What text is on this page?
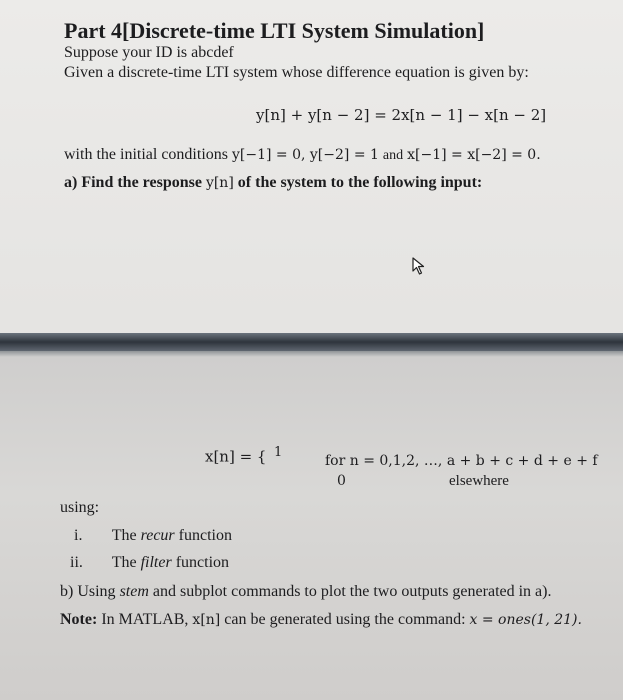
Part 4[Discrete-time LTI System Simulation]
Suppose your ID is abcdef
Given a discrete-time LTI system whose difference equation is given by:
y[n] + y[n − 2] = 2x[n − 1] − x[n − 2]
with the initial conditions y[−1] = 0, y[−2] = 1 and x[−1] = x[−2] = 0.
a) Find the response y[n] of the system to the following input:
x[n] = { 1
0
for n = 0,1,2, …, a + b + c + d + e + f
elsewhere
using:
i. The recur function
ii. The filter function
b) Using stem and subplot commands to plot the two outputs generated in a).
Note: In MATLAB, x[n] can be generated using the command: x = ones(1, 21).
